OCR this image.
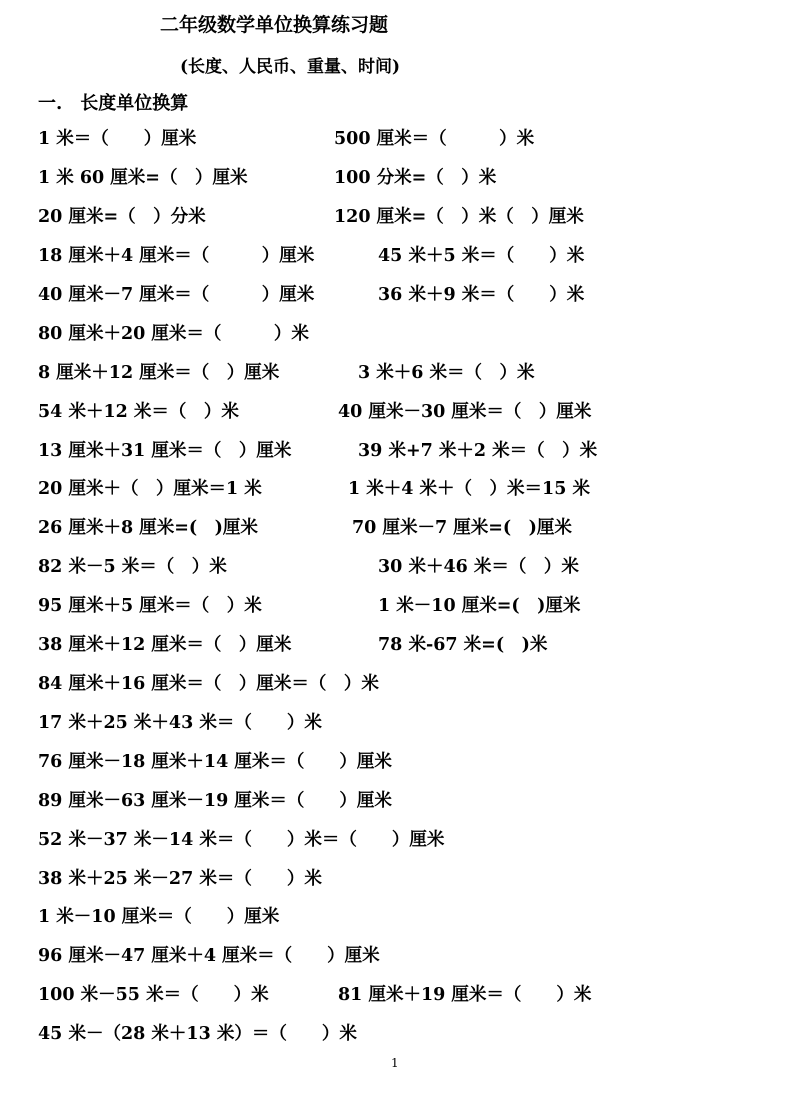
二年级数学单位换算练习题
(长度、人民币、重量、时间)
一.　长度单位换算
1 米＝（　　）厘米	500 厘米＝（　　　）米
1 米 60 厘米=（　）厘米	100 分米=（　）米
20 厘米=（　）分米	120 厘米=（　）米（　）厘米
18 厘米＋4 厘米＝（　　　）厘米	45 米＋5 米＝（　　）米
40 厘米－7 厘米＝（　　　）厘米	36 米＋9 米＝（　　）米
80 厘米＋20 厘米＝（　　　）米
8 厘米＋12 厘米＝（　）厘米	3 米＋6 米＝（　）米
54 米＋12 米＝（　）米	40 厘米－30 厘米＝（　）厘米
13 厘米＋31 厘米＝（　）厘米	39 米+7 米＋2 米＝（　）米
20 厘米＋（　）厘米＝1 米	1 米＋4 米＋（　）米＝15 米
26 厘米＋8 厘米=(　)厘米	70 厘米－7 厘米=(　)厘米
82 米－5 米＝（　）米	30 米＋46 米＝（　）米
95 厘米＋5 厘米＝（　）米	1 米－10 厘米=(　)厘米
38 厘米＋12 厘米＝（　）厘米	78 米-67 米=(　)米
84 厘米＋16 厘米＝（　）厘米＝（　）米
17 米＋25 米＋43 米＝（　　）米
76 厘米－18 厘米＋14 厘米＝（　　）厘米
89 厘米－63 厘米－19 厘米＝（　　）厘米
52 米－37 米－14 米＝（　　）米＝（　　）厘米
38 米＋25 米－27 米＝（　　）米
1 米－10 厘米＝（　　）厘米
96 厘米－47 厘米＋4 厘米＝（　　）厘米
100 米－55 米＝（　　）米	81 厘米＋19 厘米＝（　　）米
45 米－（28 米＋13 米）＝（　　）米
1
